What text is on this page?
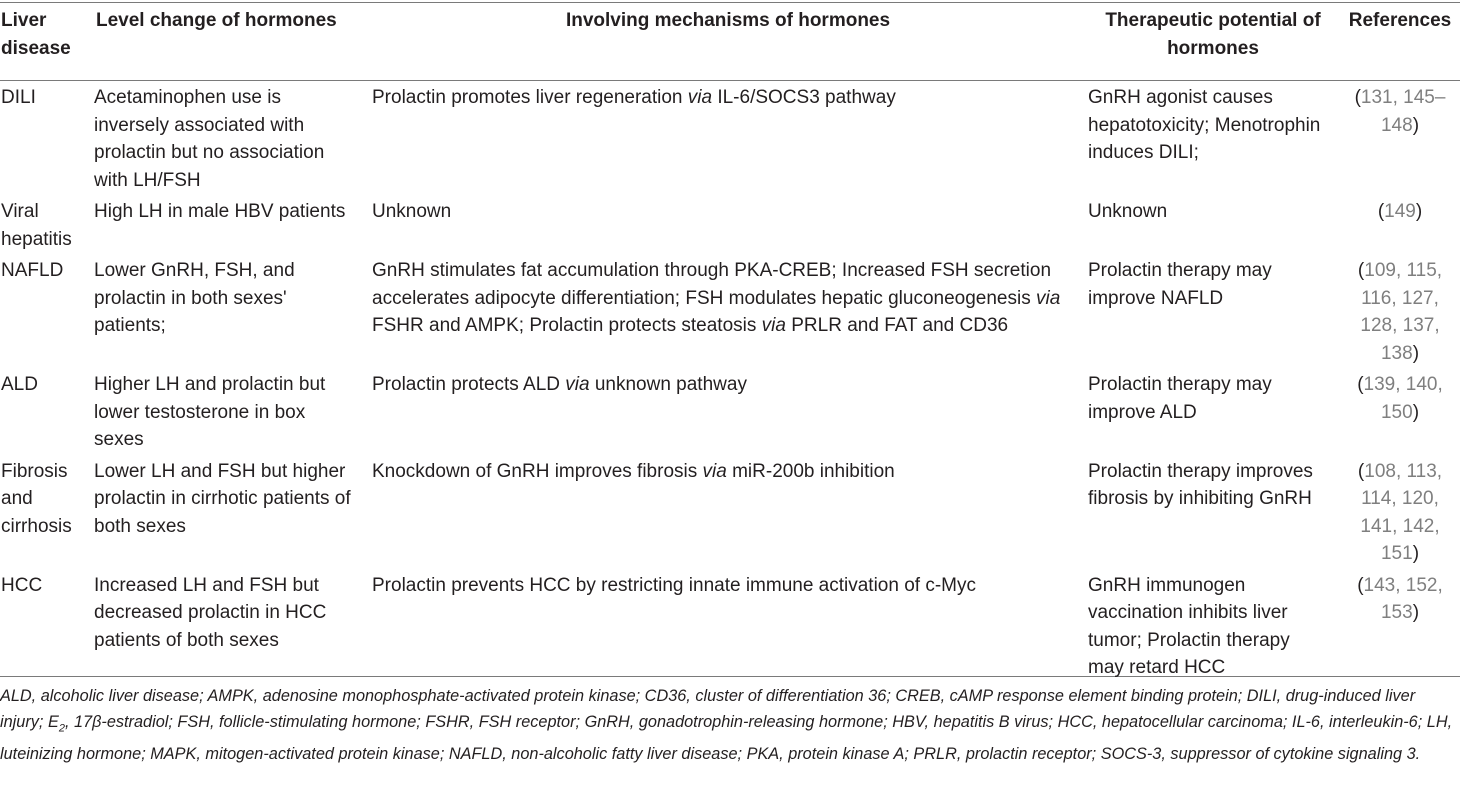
Liver disease	Level change of hormones	Involving mechanisms of hormones	Therapeutic potential of hormones	References
DILI	Acetaminophen use is inversely associated with prolactin but no association with LH/FSH	Prolactin promotes liver regeneration via IL-6/SOCS3 pathway	GnRH agonist causes hepatotoxicity; Menotrophin induces DILI;	(131, 145–148)
Viral hepatitis	High LH in male HBV patients	Unknown	Unknown	(149)
NAFLD	Lower GnRH, FSH, and prolactin in both sexes' patients;	GnRH stimulates fat accumulation through PKA-CREB; Increased FSH secretion accelerates adipocyte differentiation; FSH modulates hepatic gluconeogenesis via FSHR and AMPK; Prolactin protects steatosis via PRLR and FAT and CD36	Prolactin therapy may improve NAFLD	(109, 115, 116, 127, 128, 137, 138)
ALD	Higher LH and prolactin but lower testosterone in box sexes	Prolactin protects ALD via unknown pathway	Prolactin therapy may improve ALD	(139, 140, 150)
Fibrosis and cirrhosis	Lower LH and FSH but higher prolactin in cirrhotic patients of both sexes	Knockdown of GnRH improves fibrosis via miR-200b inhibition	Prolactin therapy improves fibrosis by inhibiting GnRH	(108, 113, 114, 120, 141, 142, 151)
HCC	Increased LH and FSH but decreased prolactin in HCC patients of both sexes	Prolactin prevents HCC by restricting innate immune activation of c-Myc	GnRH immunogen vaccination inhibits liver tumor; Prolactin therapy may retard HCC	(143, 152, 153)
ALD, alcoholic liver disease; AMPK, adenosine monophosphate-activated protein kinase; CD36, cluster of differentiation 36; CREB, cAMP response element binding protein; DILI, drug-induced liver injury; $E_2$, 17β-estradiol; FSH, follicle-stimulating hormone; FSHR, FSH receptor; GnRH, gonadotrophin-releasing hormone; HBV, hepatitis B virus; HCC, hepatocellular carcinoma; IL-6, interleukin-6; LH, luteinizing hormone; MAPK, mitogen-activated protein kinase; NAFLD, non-alcoholic fatty liver disease; PKA, protein kinase A; PRLR, prolactin receptor; SOCS-3, suppressor of cytokine signaling 3.
